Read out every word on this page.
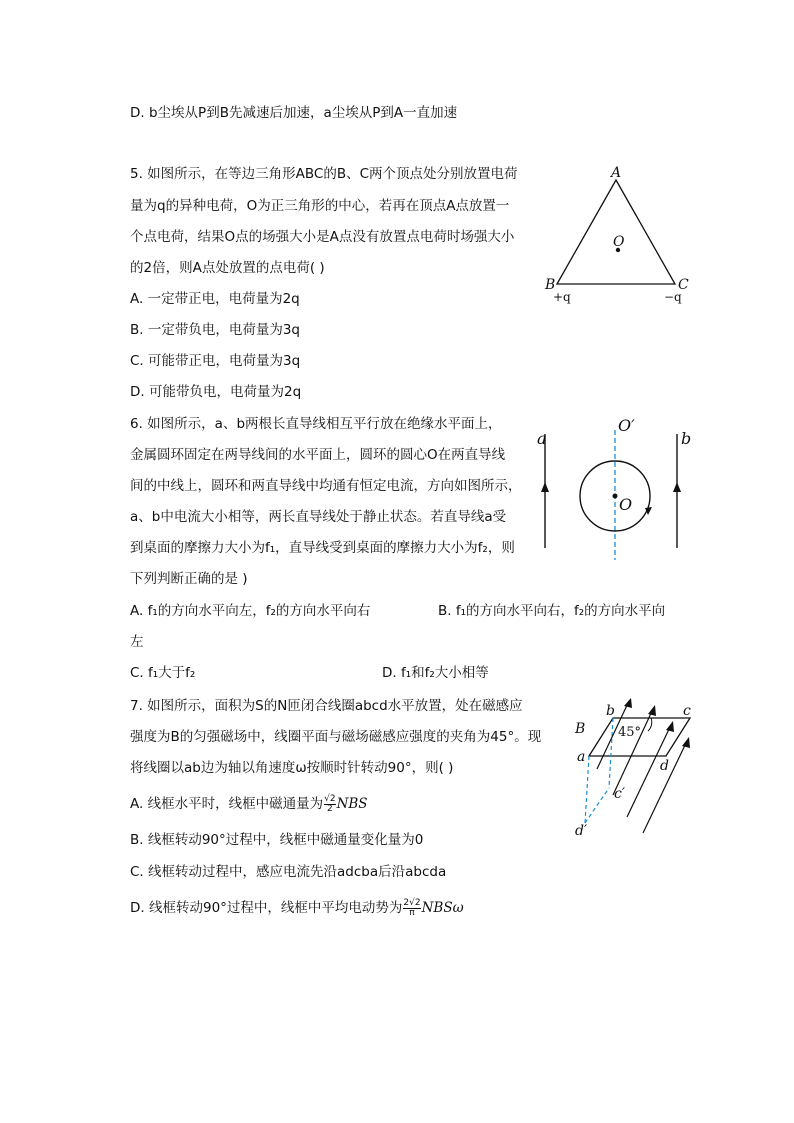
D. b尘埃从P到B先减速后加速，a尘埃从P到A一直加速
5. 如图所示，在等边三角形ABC的B、C两个顶点处分别放置电荷
量为q的异种电荷，O为正三角形的中心，若再在顶点A点放置一
个点电荷，结果O点的场强大小是A点没有放置点电荷时场强大小
的2倍，则A点处放置的点电荷( )
A. 一定带正电，电荷量为2q
B. 一定带负电，电荷量为3q
C. 可能带正电，电荷量为3q
D. 可能带负电，电荷量为2q
A
O
B	C
+q	−q
6. 如图所示，a、b两根长直导线相互平行放在绝缘水平面上，
金属圆环固定在两导线间的水平面上，圆环的圆心O在两直导线
间的中线上，圆环和两直导线中均通有恒定电流，方向如图所示，
a、b中电流大小相等，两长直导线处于静止状态。若直导线a受
到桌面的摩擦力大小为f₁，直导线受到桌面的摩擦力大小为f₂，则
下列判断正确的是 )
A. f₁的方向水平向左，f₂的方向水平向右	B. f₁的方向水平向右，f₂的方向水平向
左
C. f₁大于f₂	D. f₁和f₂大小相等
a	b
O′
O
7. 如图所示，面积为S的N匝闭合线圈abcd水平放置，处在磁感应
强度为B的匀强磁场中，线圈平面与磁场磁感应强度的夹角为45°。现
将线圈以ab边为轴以角速度ω按顺时针转动90°，则( )
A. 线框水平时，线框中磁通量为 $\frac{√2}{2}$ NBS
B. 线框转动90°过程中，线框中磁通量变化量为0
C. 线框转动过程中，感应电流先沿adcba后沿abcda
D. 线框转动90°过程中，线框中平均电动势为 $\frac{2√2}{\pi}$ NBSω
45°
a
b	c
d
B
c′
d′
